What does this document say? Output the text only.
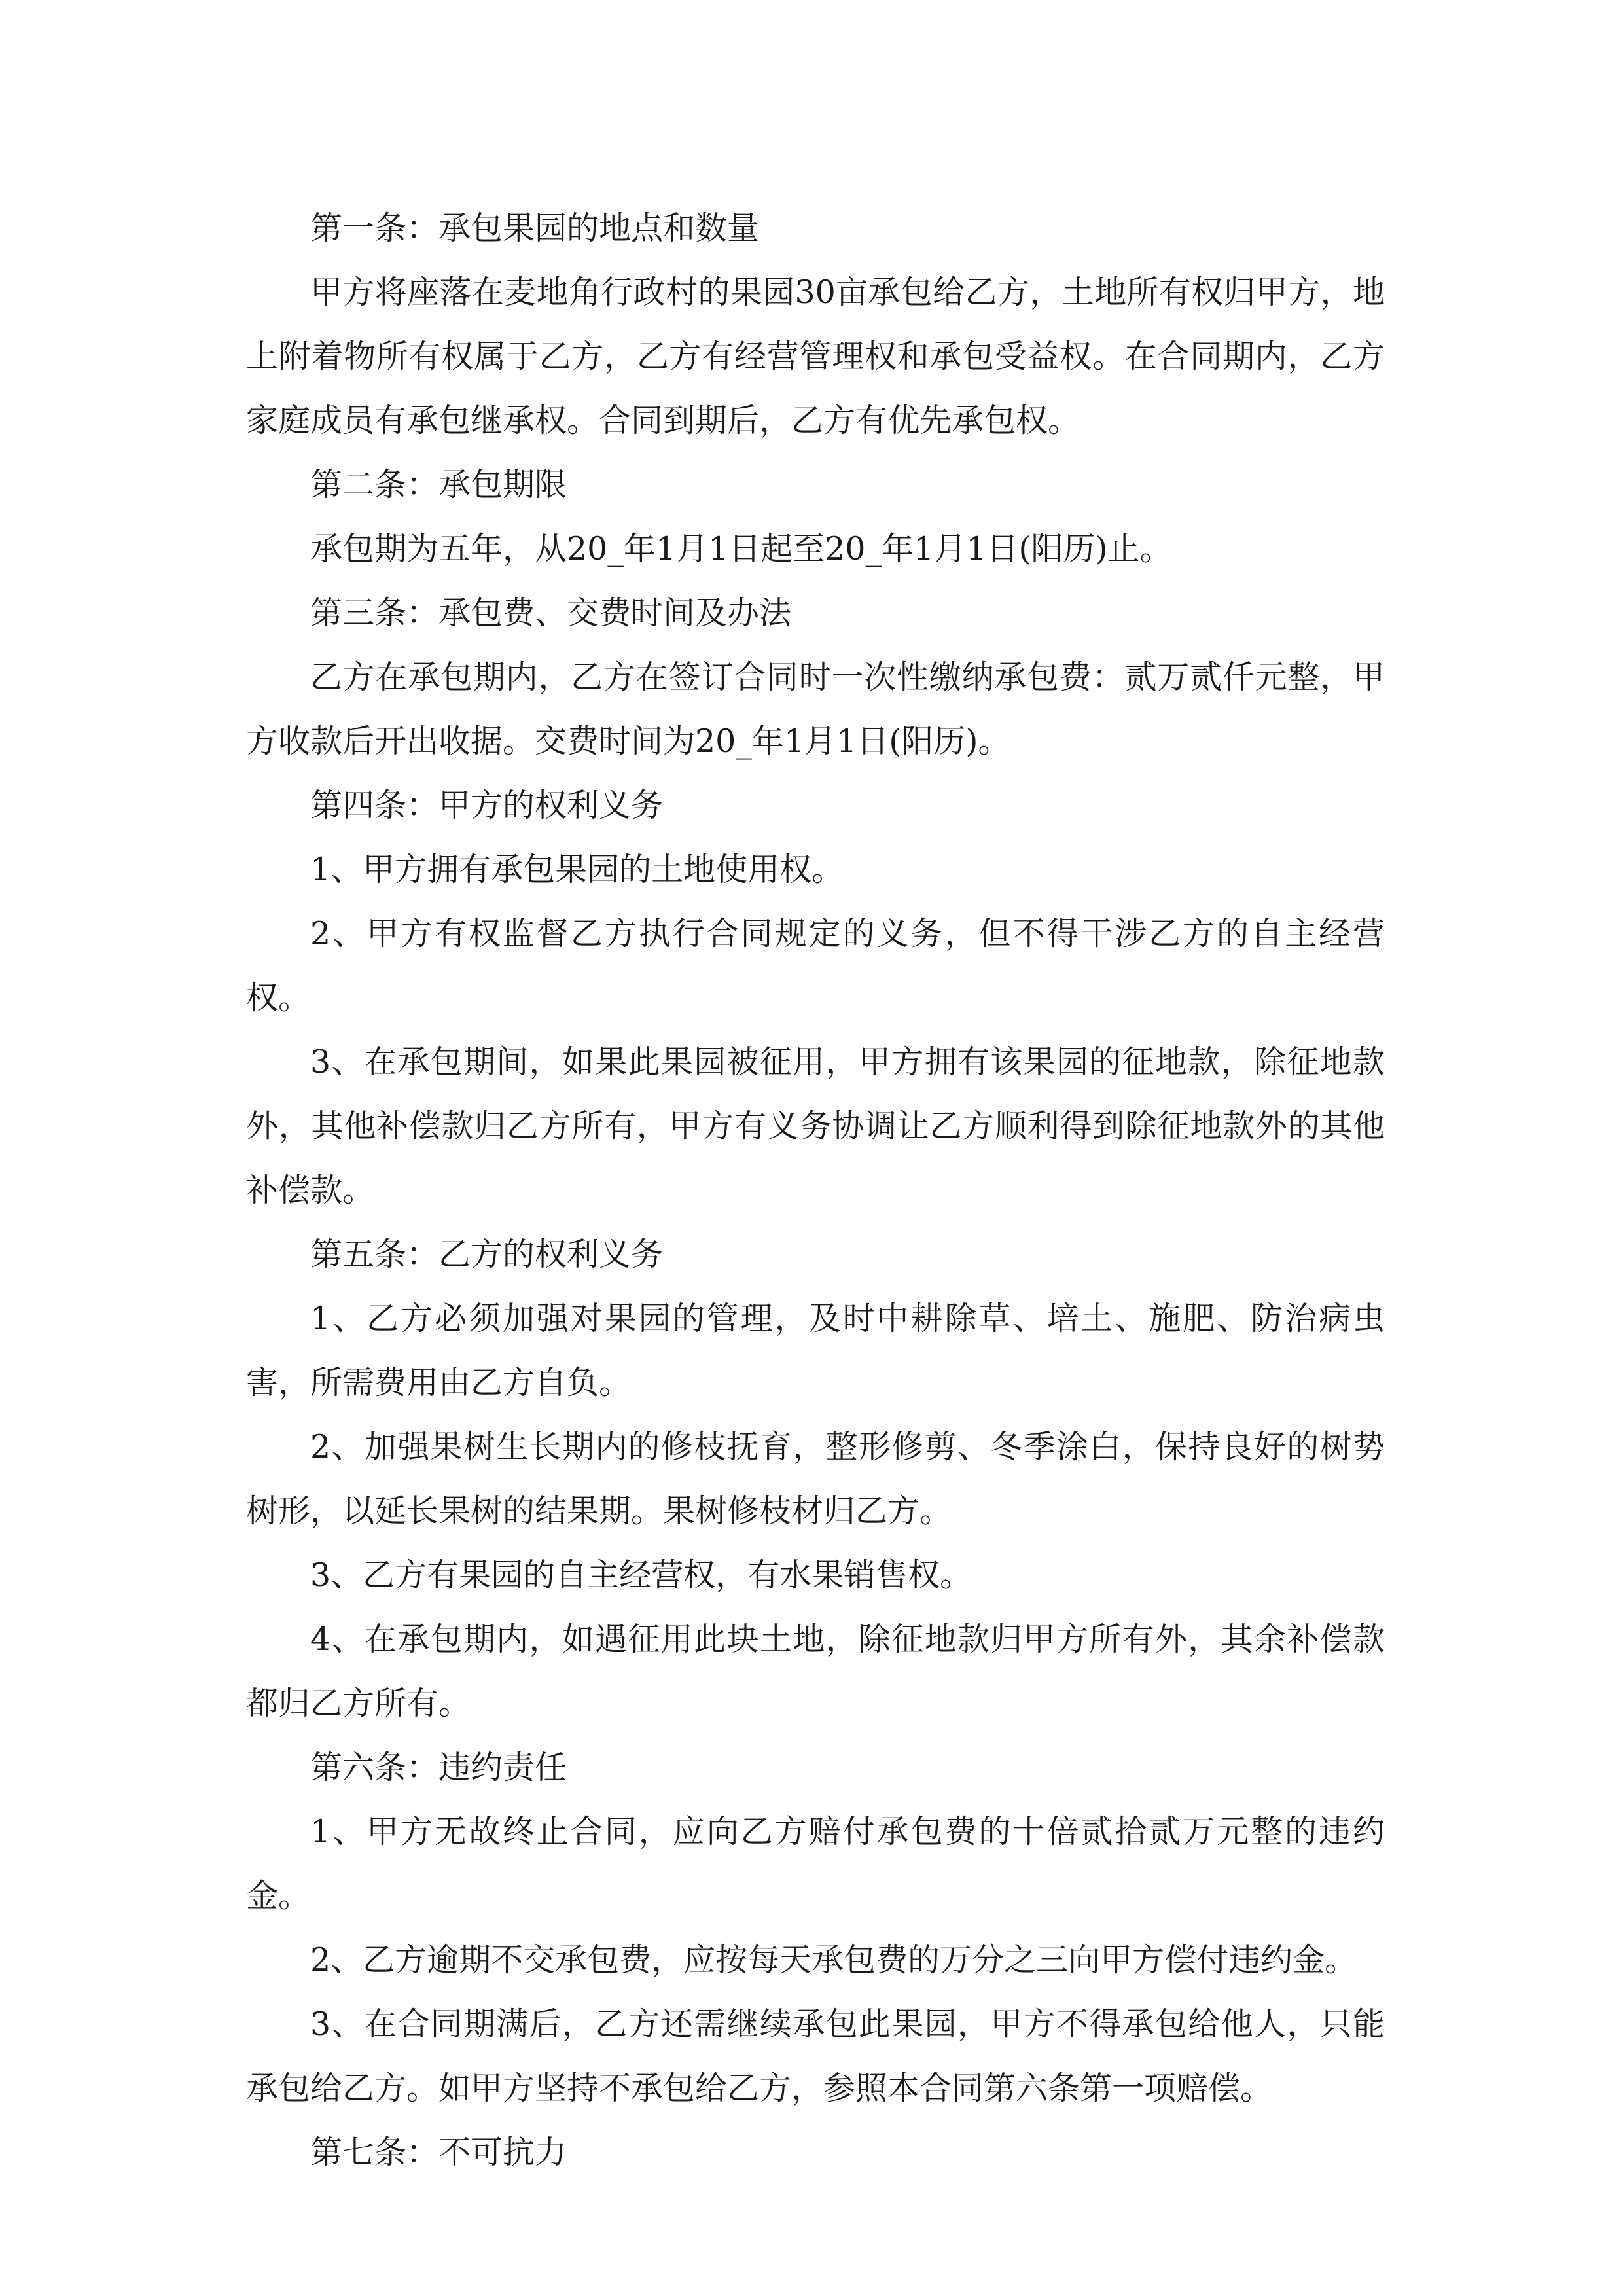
第一条：承包果园的地点和数量

甲方将座落在麦地角行政村的果园30亩承包给乙方，土地所有权归甲方，地上附着物所有权属于乙方，乙方有经营管理权和承包受益权。在合同期内，乙方家庭成员有承包继承权。合同到期后，乙方有优先承包权。

第二条：承包期限

承包期为五年，从20_年1月1日起至20_年1月1日(阳历)止。

第三条：承包费、交费时间及办法

乙方在承包期内，乙方在签订合同时一次性缴纳承包费：贰万贰仟元整，甲方收款后开出收据。交费时间为20_年1月1日(阳历)。

第四条：甲方的权利义务

1、甲方拥有承包果园的土地使用权。

2、甲方有权监督乙方执行合同规定的义务，但不得干涉乙方的自主经营权。

3、在承包期间，如果此果园被征用，甲方拥有该果园的征地款，除征地款外，其他补偿款归乙方所有，甲方有义务协调让乙方顺利得到除征地款外的其他补偿款。

第五条：乙方的权利义务

1、乙方必须加强对果园的管理，及时中耕除草、培土、施肥、防治病虫害，所需费用由乙方自负。

2、加强果树生长期内的修枝抚育，整形修剪、冬季涂白，保持良好的树势树形，以延长果树的结果期。果树修枝材归乙方。

3、乙方有果园的自主经营权，有水果销售权。

4、在承包期内，如遇征用此块土地，除征地款归甲方所有外，其余补偿款都归乙方所有。

第六条：违约责任

1、甲方无故终止合同，应向乙方赔付承包费的十倍贰拾贰万元整的违约金。

2、乙方逾期不交承包费，应按每天承包费的万分之三向甲方偿付违约金。

3、在合同期满后，乙方还需继续承包此果园，甲方不得承包给他人，只能承包给乙方。如甲方坚持不承包给乙方，参照本合同第六条第一项赔偿。

第七条：不可抗力
